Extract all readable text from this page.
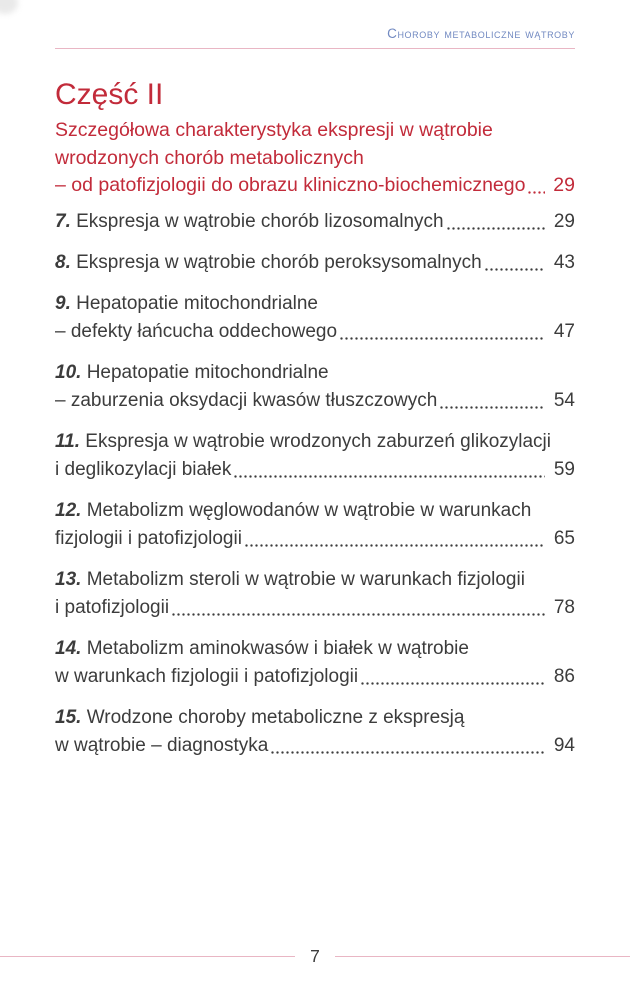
Choroby metaboliczne wątroby
Część II
Szczegółowa charakterystyka ekspresji w wątrobie
wrodzonych chorób metabolicznych
– od patofizjologii do obrazu kliniczno-biochemicznego 29
7. Ekspresja w wątrobie chorób lizosomalnych	29
8. Ekspresja w wątrobie chorób peroksysomalnych	43
9. Hepatopatie mitochondrialne
– defekty łańcucha oddechowego	47
10. Hepatopatie mitochondrialne
– zaburzenia oksydacji kwasów tłuszczowych	54
11. Ekspresja w wątrobie wrodzonych zaburzeń glikozylacji
i deglikozylacji białek	59
12. Metabolizm węglowodanów w wątrobie w warunkach
fizjologii i patofizjologii	65
13. Metabolizm steroli w wątrobie w warunkach fizjologii
i patofizjologii	78
14. Metabolizm aminokwasów i białek w wątrobie
w warunkach fizjologii i patofizjologii	86
15. Wrodzone choroby metaboliczne z ekspresją
w wątrobie – diagnostyka	94
7
